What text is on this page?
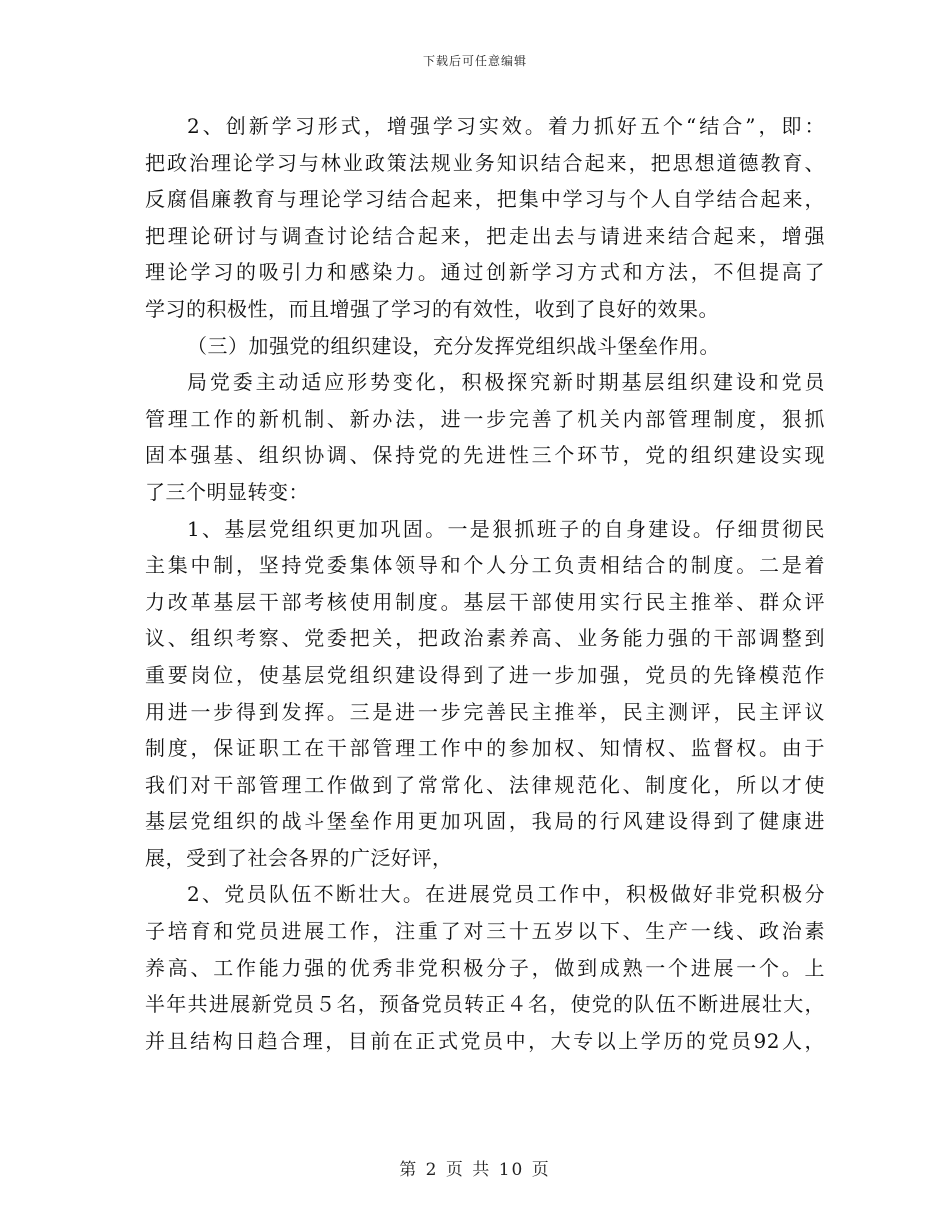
下载后可任意编辑
2、创新学习形式，增强学习实效。着力抓好五个“结合”，即：
把政治理论学习与林业政策法规业务知识结合起来，把思想道德教育、
反腐倡廉教育与理论学习结合起来，把集中学习与个人自学结合起来，
把理论研讨与调查讨论结合起来，把走出去与请进来结合起来，增强
理论学习的吸引力和感染力。通过创新学习方式和方法，不但提高了
学习的积极性，而且增强了学习的有效性，收到了良好的效果。
（三）加强党的组织建设，充分发挥党组织战斗堡垒作用。
局党委主动适应形势变化，积极探究新时期基层组织建设和党员
管理工作的新机制、新办法，进一步完善了机关内部管理制度，狠抓
固本强基、组织协调、保持党的先进性三个环节，党的组织建设实现
了三个明显转变：
1、基层党组织更加巩固。一是狠抓班子的自身建设。仔细贯彻民
主集中制，坚持党委集体领导和个人分工负责相结合的制度。二是着
力改革基层干部考核使用制度。基层干部使用实行民主推举、群众评
议、组织考察、党委把关，把政治素养高、业务能力强的干部调整到
重要岗位，使基层党组织建设得到了进一步加强，党员的先锋模范作
用进一步得到发挥。三是进一步完善民主推举，民主测评，民主评议
制度，保证职工在干部管理工作中的参加权、知情权、监督权。由于
我们对干部管理工作做到了常常化、法律规范化、制度化，所以才使
基层党组织的战斗堡垒作用更加巩固，我局的行风建设得到了健康进
展，受到了社会各界的广泛好评，
2、党员队伍不断壮大。在进展党员工作中，积极做好非党积极分
子培育和党员进展工作，注重了对三十五岁以下、生产一线、政治素
养高、工作能力强的优秀非党积极分子，做到成熟一个进展一个。上
半年共进展新党员５名，预备党员转正４名，使党的队伍不断进展壮大，
并且结构日趋合理，目前在正式党员中，大专以上学历的党员92人，
第 2 页 共 10 页
